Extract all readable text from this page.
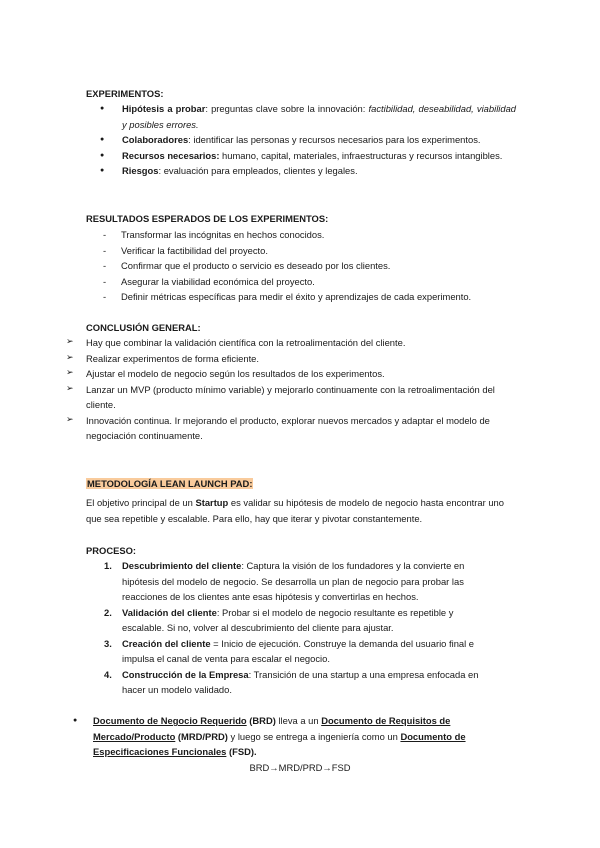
EXPERIMENTOS:
● Hipótesis a probar: preguntas clave sobre la innovación: factibilidad, deseabilidad, viabilidad y posibles errores.
● Colaboradores: identificar las personas y recursos necesarios para los experimentos.
● Recursos necesarios: humano, capital, materiales, infraestructuras y recursos intangibles.
● Riesgos: evaluación para empleados, clientes y legales.
RESULTADOS ESPERADOS DE LOS EXPERIMENTOS:
- Transformar las incógnitas en hechos conocidos.
- Verificar la factibilidad del proyecto.
- Confirmar que el producto o servicio es deseado por los clientes.
- Asegurar la viabilidad económica del proyecto.
- Definir métricas específicas para medir el éxito y aprendizajes de cada experimento.
CONCLUSIÓN GENERAL:
➢ Hay que combinar la validación científica con la retroalimentación del cliente.
➢ Realizar experimentos de forma eficiente.
➢ Ajustar el modelo de negocio según los resultados de los experimentos.
➢ Lanzar un MVP (producto mínimo variable) y mejorarlo continuamente con la retroalimentación del cliente.
➢ Innovación continua. Ir mejorando el producto, explorar nuevos mercados y adaptar el modelo de negociación continuamente.
METODOLOGÍA LEAN LAUNCH PAD:
El objetivo principal de un Startup es validar su hipótesis de modelo de negocio hasta encontrar uno que sea repetible y escalable. Para ello, hay que iterar y pivotar constantemente.
PROCESO:
1. Descubrimiento del cliente: Captura la visión de los fundadores y la convierte en hipótesis del modelo de negocio. Se desarrolla un plan de negocio para probar las reacciones de los clientes ante esas hipótesis y convertirlas en hechos.
2. Validación del cliente: Probar si el modelo de negocio resultante es repetible y escalable. Si no, volver al descubrimiento del cliente para ajustar.
3. Creación del cliente = Inicio de ejecución. Construye la demanda del usuario final e impulsa el canal de venta para escalar el negocio.
4. Construcción de la Empresa: Transición de una startup a una empresa enfocada en hacer un modelo validado.
● Documento de Negocio Requerido (BRD) lleva a un Documento de Requisitos de Mercado/Producto (MRD/PRD) y luego se entrega a ingeniería como un Documento de Especificaciones Funcionales (FSD).
BRD→MRD/PRD→FSD
